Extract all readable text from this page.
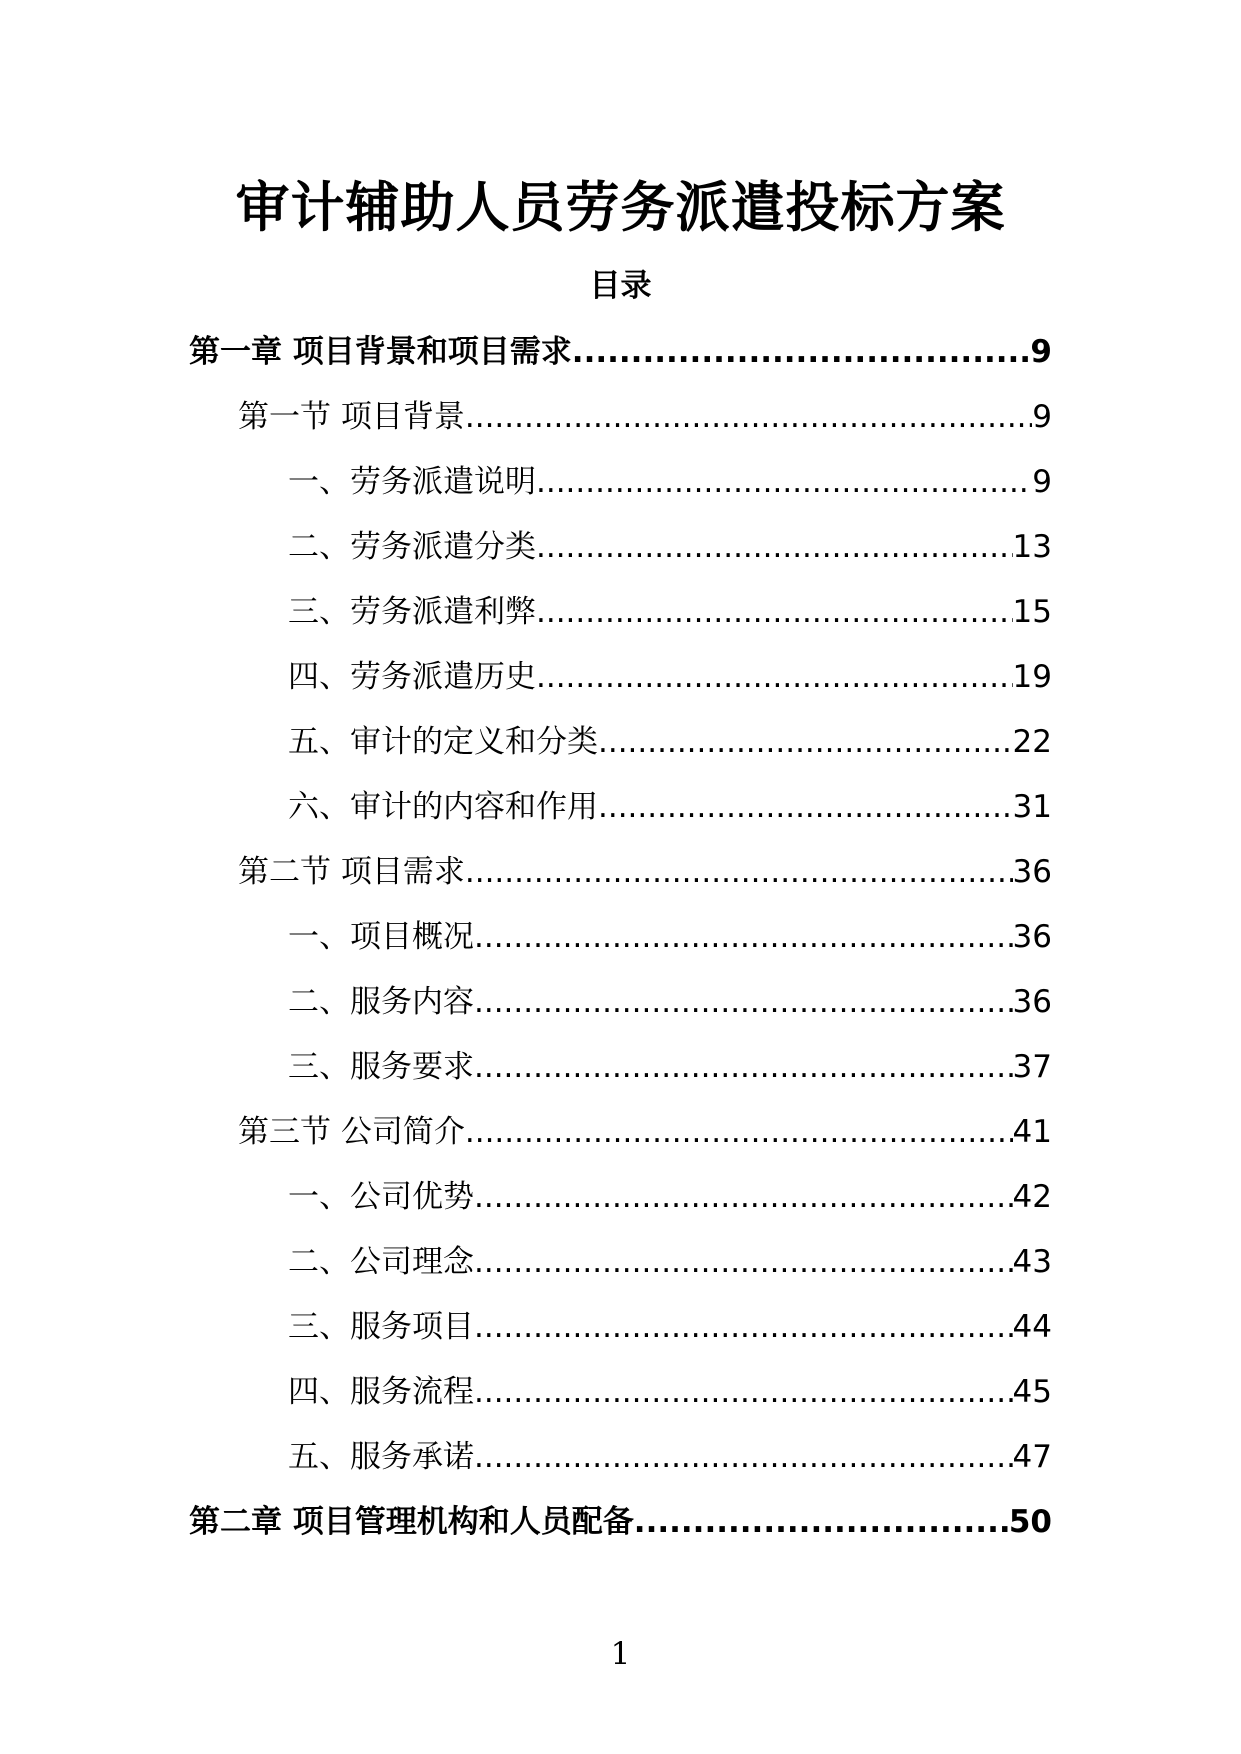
审计辅助人员劳务派遣投标方案
目录
第一章 项目背景和项目需求 .....	9
第一节 项目背景 .....	9
一、劳务派遣说明 .....	9
二、劳务派遣分类 .....	13
三、劳务派遣利弊 .....	15
四、劳务派遣历史 .....	19
五、审计的定义和分类 .....	22
六、审计的内容和作用 .....	31
第二节 项目需求 .....	36
一、项目概况 .....	36
二、服务内容 .....	36
三、服务要求 .....	37
第三节 公司简介 .....	41
一、公司优势 .....	42
二、公司理念 .....	43
三、服务项目 .....	44
四、服务流程 .....	45
五、服务承诺 .....	47
第二章 项目管理机构和人员配备 .....	50
1
